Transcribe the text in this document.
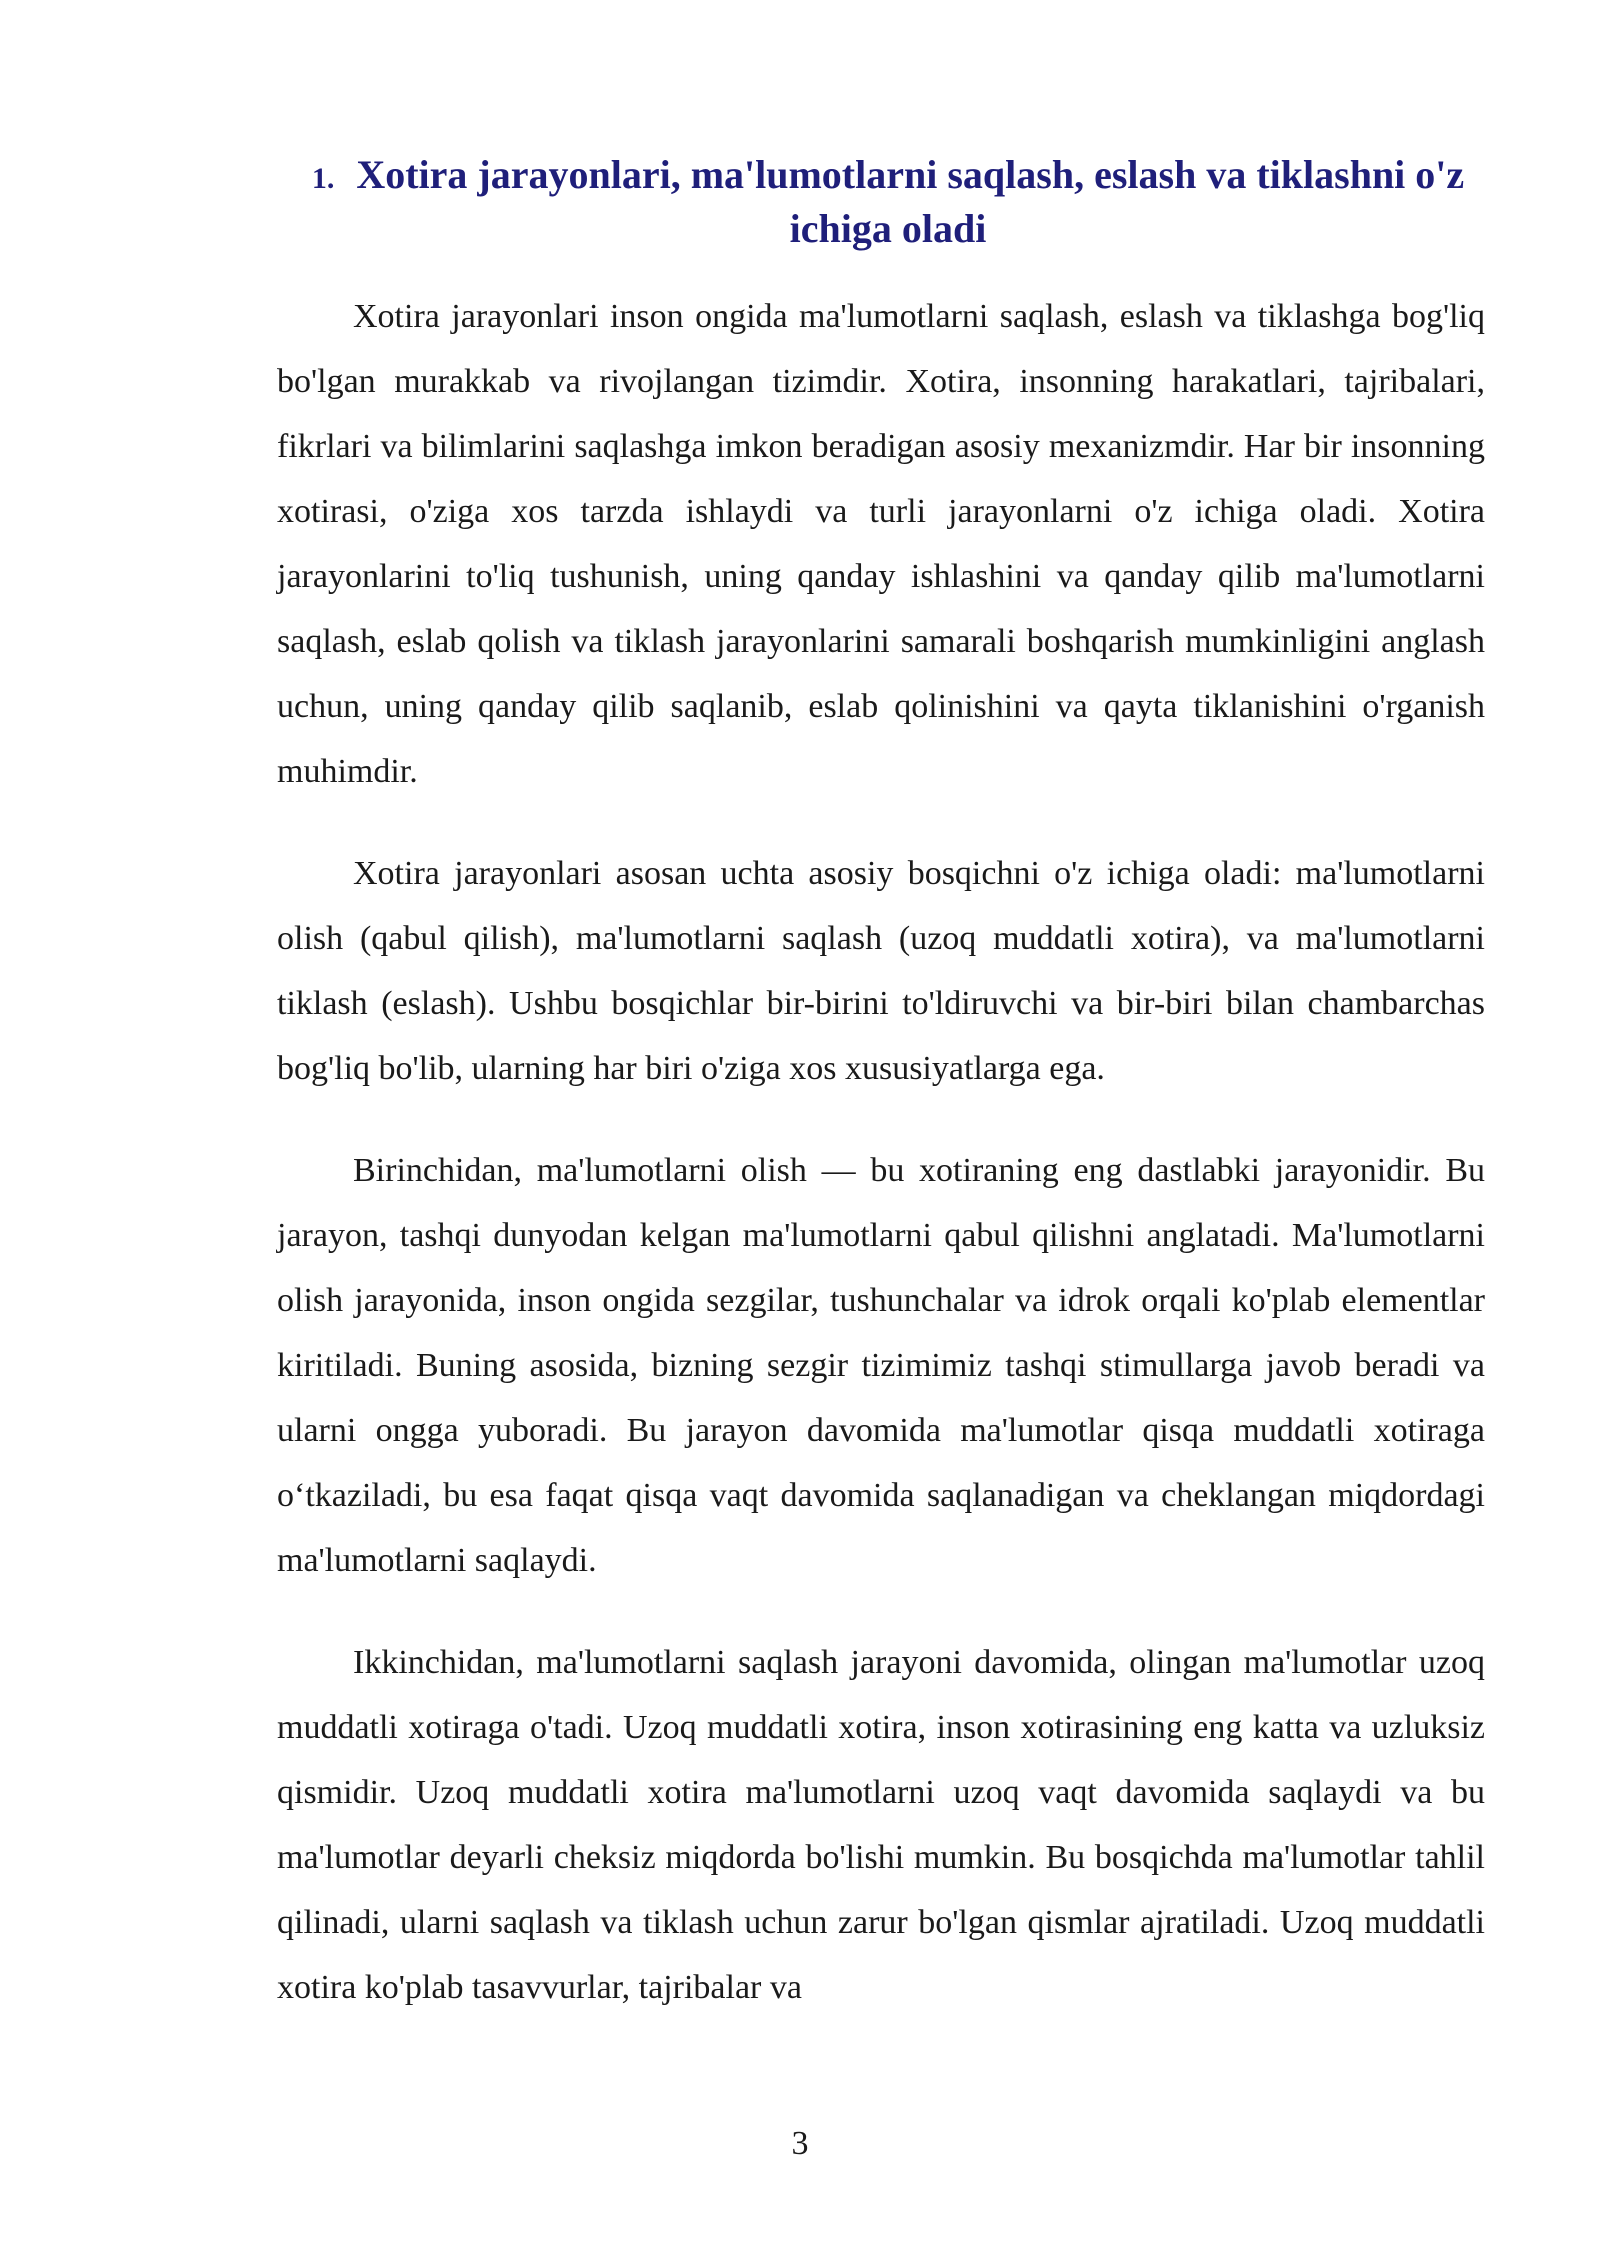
1. Xotira jarayonlari, ma'lumotlarni saqlash, eslash va tiklashni o'z ichiga oladi

Xotira jarayonlari inson ongida ma'lumotlarni saqlash, eslash va tiklashga bog'liq bo'lgan murakkab va rivojlangan tizimdir. Xotira, insonning harakatlari, tajribalari, fikrlari va bilimlarini saqlashga imkon beradigan asosiy mexanizmdir. Har bir insonning xotirasi, o'ziga xos tarzda ishlaydi va turli jarayonlarni o'z ichiga oladi. Xotira jarayonlarini to'liq tushunish, uning qanday ishlashini va qanday qilib ma'lumotlarni saqlash, eslab qolish va tiklash jarayonlarini samarali boshqarish mumkinligini anglash uchun, uning qanday qilib saqlanib, eslab qolinishini va qayta tiklanishini o'rganish muhimdir.

Xotira jarayonlari asosan uchta asosiy bosqichni o'z ichiga oladi: ma'lumotlarni olish (qabul qilish), ma'lumotlarni saqlash (uzoq muddatli xotira), va ma'lumotlarni tiklash (eslash). Ushbu bosqichlar bir-birini to'ldiruvchi va bir-biri bilan chambarchas bog'liq bo'lib, ularning har biri o'ziga xos xususiyatlarga ega.

Birinchidan, ma'lumotlarni olish — bu xotiraning eng dastlabki jarayonidir. Bu jarayon, tashqi dunyodan kelgan ma'lumotlarni qabul qilishni anglatadi. Ma'lumotlarni olish jarayonida, inson ongida sezgilar, tushunchalar va idrok orqali ko'plab elementlar kiritiladi. Buning asosida, bizning sezgir tizimimiz tashqi stimullarga javob beradi va ularni ongga yuboradi. Bu jarayon davomida ma'lumotlar qisqa muddatli xotiraga o‘tkaziladi, bu esa faqat qisqa vaqt davomida saqlanadigan va cheklangan miqdordagi ma'lumotlarni saqlaydi.

Ikkinchidan, ma'lumotlarni saqlash jarayoni davomida, olingan ma'lumotlar uzoq muddatli xotiraga o'tadi. Uzoq muddatli xotira, inson xotirasining eng katta va uzluksiz qismidir. Uzoq muddatli xotira ma'lumotlarni uzoq vaqt davomida saqlaydi va bu ma'lumotlar deyarli cheksiz miqdorda bo'lishi mumkin. Bu bosqichda ma'lumotlar tahlil qilinadi, ularni saqlash va tiklash uchun zarur bo'lgan qismlar ajratiladi. Uzoq muddatli xotira ko'plab tasavvurlar, tajribalar va

3
